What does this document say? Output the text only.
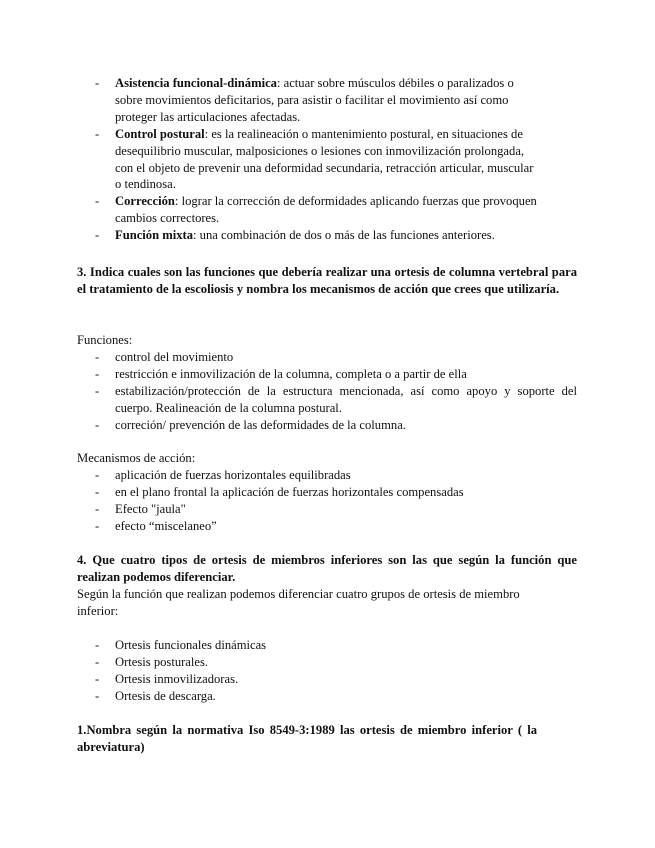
- Asistencia funcional-dinámica: actuar sobre músculos débiles o paralizados o sobre movimientos deficitarios, para asistir o facilitar el movimiento así como proteger las articulaciones afectadas.
- Control postural: es la realineación o mantenimiento postural, en situaciones de desequilibrio muscular, malposiciones o lesiones con inmovilización prolongada, con el objeto de prevenir una deformidad secundaria, retracción articular, muscular o tendinosa.
- Corrección: lograr la corrección de deformidades aplicando fuerzas que provoquen cambios correctores.
- Función mixta: una combinación de dos o más de las funciones anteriores.

3. Indica cuales son las funciones que debería realizar una ortesis de columna vertebral para el tratamiento de la escoliosis y nombra los mecanismos de acción que crees que utilizaría.

Funciones:

- control del movimiento
- restricción e inmovilización de la columna, completa o a partir de ella
- estabilización/protección de la estructura mencionada, así como apoyo y soporte del cuerpo. Realineación de la columna postural.
- correción/ prevención de las deformidades de la columna.

Mecanismos de acción:

- aplicación de fuerzas horizontales equilibradas
- en el plano frontal la aplicación de fuerzas horizontales compensadas
- Efecto "jaula"
- efecto “miscelaneo”

4. Que cuatro tipos de ortesis de miembros inferiores son las que según la función que realizan podemos diferenciar.

Según la función que realizan podemos diferenciar cuatro grupos de ortesis de miembro inferior:

- Ortesis funcionales dinámicas
- Ortesis posturales.
- Ortesis inmovilizadoras.
- Ortesis de descarga.

1.Nombra según la normativa Iso 8549-3:1989 las ortesis de miembro inferior ( la abreviatura)
